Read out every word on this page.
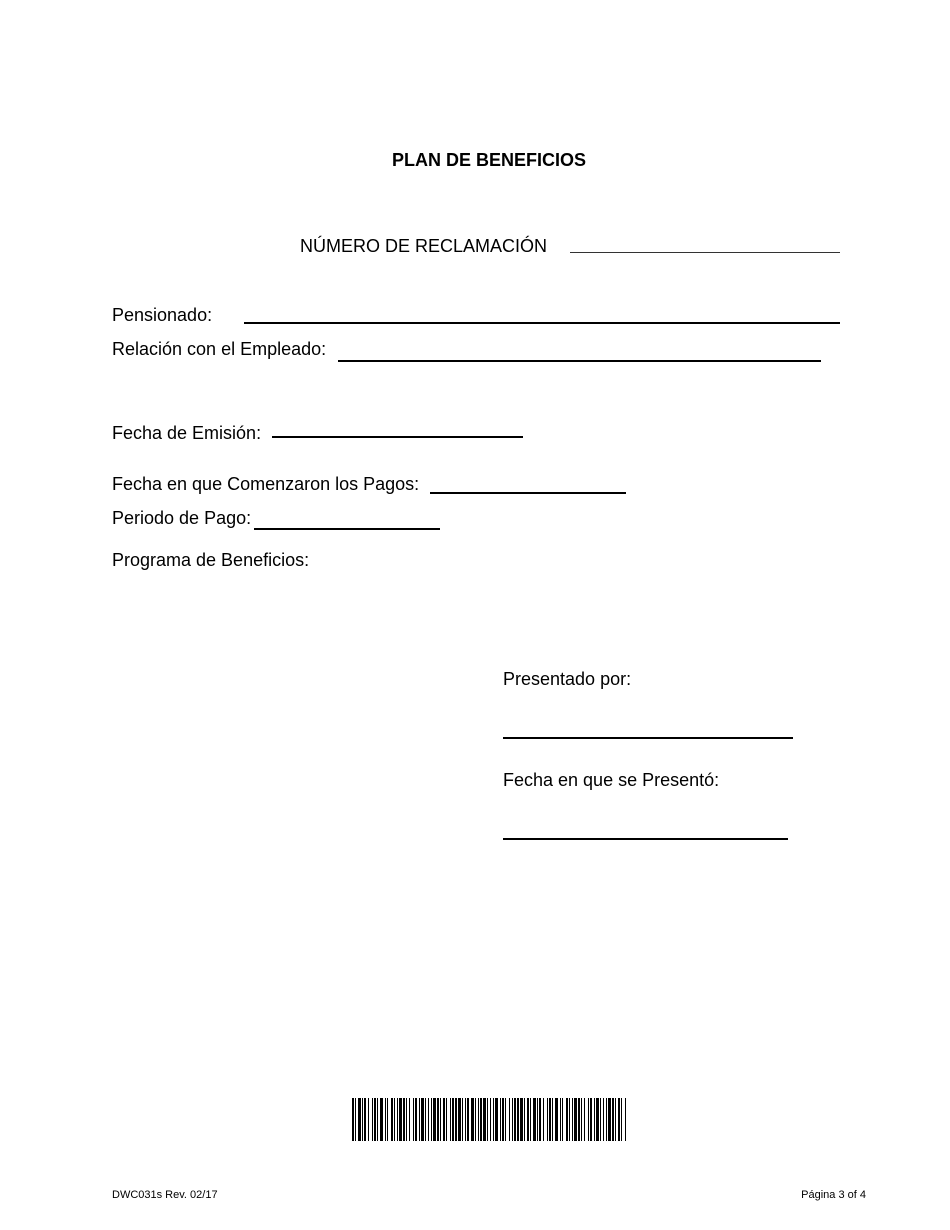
PLAN DE BENEFICIOS
NÚMERO DE RECLAMACIÓN
Pensionado:
Relación con el Empleado:
Fecha de Emisión:
Fecha en que Comenzaron los Pagos:
Periodo de Pago:
Programa de Beneficios:
Presentado por:
Fecha en que se Presentó:
DWC031s Rev. 02/17	Página 3 of 4
